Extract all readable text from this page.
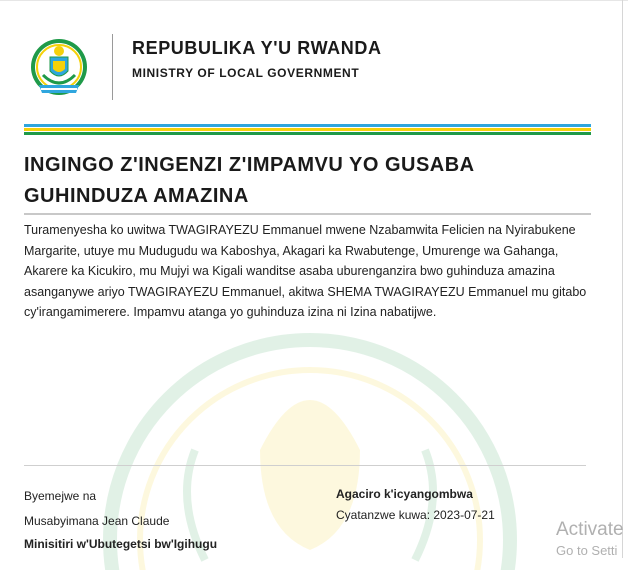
REPUBULIKA Y'U RWANDA
MINISTRY OF LOCAL GOVERNMENT
INGINGO Z'INGENZI Z'IMPAMVU YO GUSABA GUHINDUZA AMAZINA

Turamenyesha ko uwitwa TWAGIRAYEZU Emmanuel mwene Nzabamwita Felicien na Nyirabukene Margarite, utuye mu Mudugudu wa Kaboshya, Akagari ka Rwabutenge, Umurenge wa Gahanga, Akarere ka Kicukiro, mu Mujyi wa Kigali wanditse asaba uburenganzira bwo guhinduza amazina asanganywe ariyo TWAGIRAYEZU Emmanuel, akitwa SHEMA TWAGIRAYEZU Emmanuel mu gitabo cy'irangamimerere. Impamvu atanga yo guhinduza izina ni Izina nabatijwe.

Byemejwe na
Musabyimana Jean Claude
Minisitiri w'Ubutegetsi bw'Igihugu
Agaciro k'icyangombwa
Cyatanzwe kuwa: 2023-07-21
Activate
Go to Setti
